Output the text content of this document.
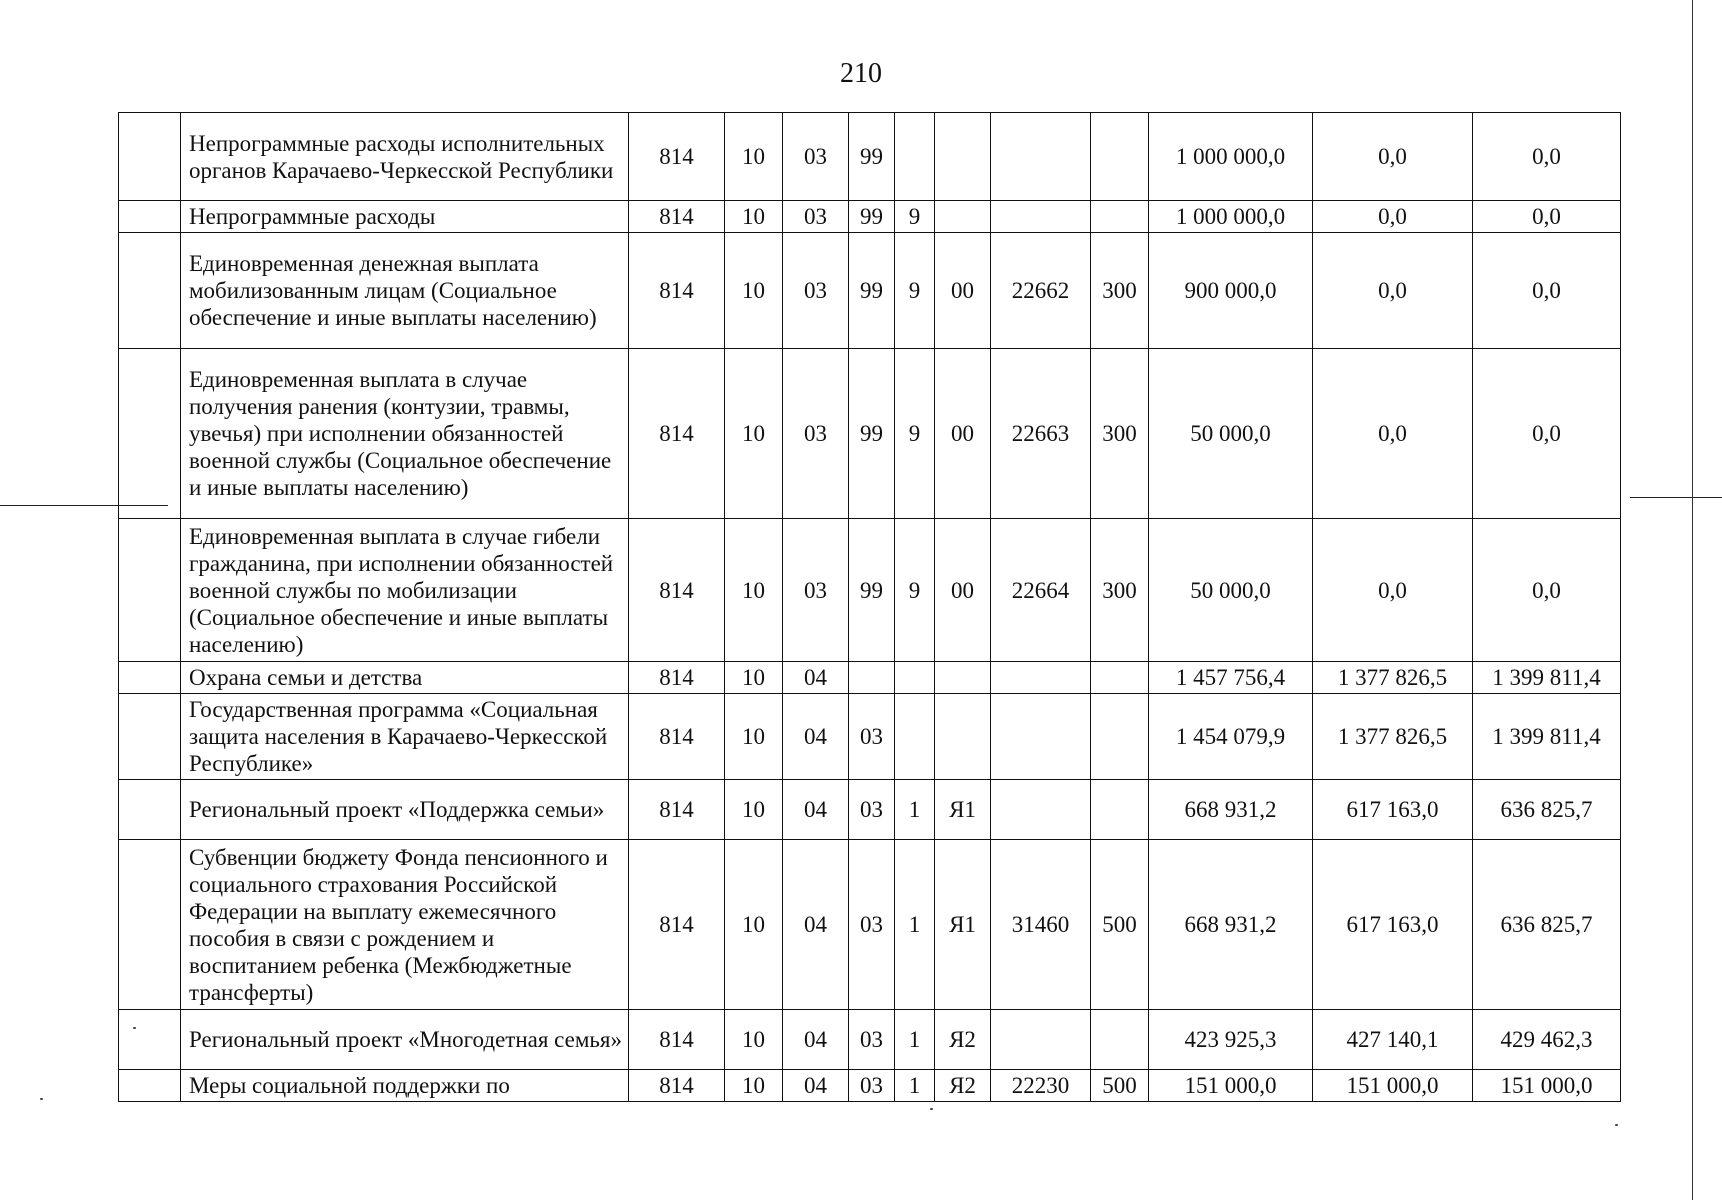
210
	Непрограммные расходы исполнительных органов Карачаево-Черкесской Республики	814	10	03	99					1 000 000,0	0,0	0,0
	Непрограммные расходы	814	10	03	99	9				1 000 000,0	0,0	0,0
	Единовременная денежная выплата мобилизованным лицам (Социальное обеспечение и иные выплаты населению)	814	10	03	99	9	00	22662	300	900 000,0	0,0	0,0
	Единовременная выплата в случае получения ранения (контузии, травмы, увечья) при исполнении обязанностей военной службы (Социальное обеспечение и иные выплаты населению)	814	10	03	99	9	00	22663	300	50 000,0	0,0	0,0
	Единовременная выплата в случае гибели гражданина, при исполнении обязанностей военной службы по мобилизации (Социальное обеспечение и иные выплаты населению)	814	10	03	99	9	00	22664	300	50 000,0	0,0	0,0
	Охрана семьи и детства	814	10	04						1 457 756,4	1 377 826,5	1 399 811,4
	Государственная программа «Социальная защита населения в Карачаево-Черкесской Республике»	814	10	04	03					1 454 079,9	1 377 826,5	1 399 811,4
	Региональный проект «Поддержка семьи»	814	10	04	03	1	Я1			668 931,2	617 163,0	636 825,7
	Субвенции бюджету Фонда пенсионного и социального страхования Российской Федерации на выплату ежемесячного пособия в связи с рождением и воспитанием ребенка (Межбюджетные трансферты)	814	10	04	03	1	Я1	31460	500	668 931,2	617 163,0	636 825,7
	Региональный проект «Многодетная семья»	814	10	04	03	1	Я2			423 925,3	427 140,1	429 462,3
	Меры социальной поддержки по	814	10	04	03	1	Я2	22230	500	151 000,0	151 000,0	151 000,0
